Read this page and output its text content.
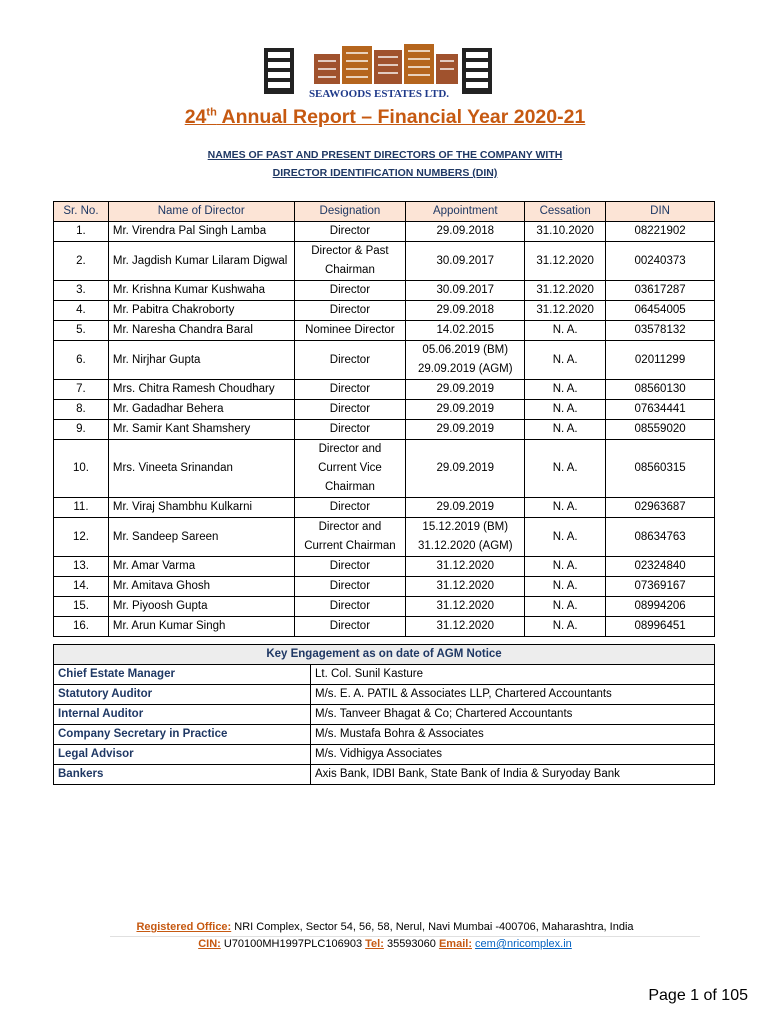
SEAWOODS ESTATES LTD.
24th Annual Report – Financial Year 2020-21
NAMES OF PAST AND PRESENT DIRECTORS OF THE COMPANY WITH
DIRECTOR IDENTIFICATION NUMBERS (DIN)
Sr. No.	Name of Director	Designation	Appointment	Cessation	DIN
1.	Mr. Virendra Pal Singh Lamba	Director	29.09.2018	31.10.2020	08221902
2.	Mr. Jagdish Kumar Lilaram Digwal	Director & Past Chairman	30.09.2017	31.12.2020	00240373
3.	Mr. Krishna Kumar Kushwaha	Director	30.09.2017	31.12.2020	03617287
4.	Mr. Pabitra Chakroborty	Director	29.09.2018	31.12.2020	06454005
5.	Mr. Naresha Chandra Baral	Nominee Director	14.02.2015	N. A.	03578132
6.	Mr. Nirjhar Gupta	Director	05.06.2019 (BM) 29.09.2019 (AGM)	N. A.	02011299
7.	Mrs. Chitra Ramesh Choudhary	Director	29.09.2019	N. A.	08560130
8.	Mr. Gadadhar Behera	Director	29.09.2019	N. A.	07634441
9.	Mr. Samir Kant Shamshery	Director	29.09.2019	N. A.	08559020
10.	Mrs. Vineeta Srinandan	Director and Current Vice Chairman	29.09.2019	N. A.	08560315
11.	Mr. Viraj Shambhu Kulkarni	Director	29.09.2019	N. A.	02963687
12.	Mr. Sandeep Sareen	Director and Current Chairman	15.12.2019 (BM) 31.12.2020 (AGM)	N. A.	08634763
13.	Mr. Amar Varma	Director	31.12.2020	N. A.	02324840
14.	Mr. Amitava Ghosh	Director	31.12.2020	N. A.	07369167
15.	Mr. Piyoosh Gupta	Director	31.12.2020	N. A.	08994206
16.	Mr. Arun Kumar Singh	Director	31.12.2020	N. A.	08996451
Key Engagement as on date of AGM Notice	
Chief Estate Manager	Lt. Col. Sunil Kasture
Statutory Auditor	M/s. E. A. PATIL & Associates LLP, Chartered Accountants
Internal Auditor	M/s. Tanveer Bhagat & Co; Chartered Accountants
Company Secretary in Practice	M/s. Mustafa Bohra & Associates
Legal Advisor	M/s. Vidhigya Associates
Bankers	Axis Bank, IDBI Bank, State Bank of India & Suryoday Bank
Registered Office: NRI Complex, Sector 54, 56, 58, Nerul, Navi Mumbai -400706, Maharashtra, India
CIN: U70100MH1997PLC106903 Tel: 35593060 Email: cem@nricomplex.in
Page 1 of 105
